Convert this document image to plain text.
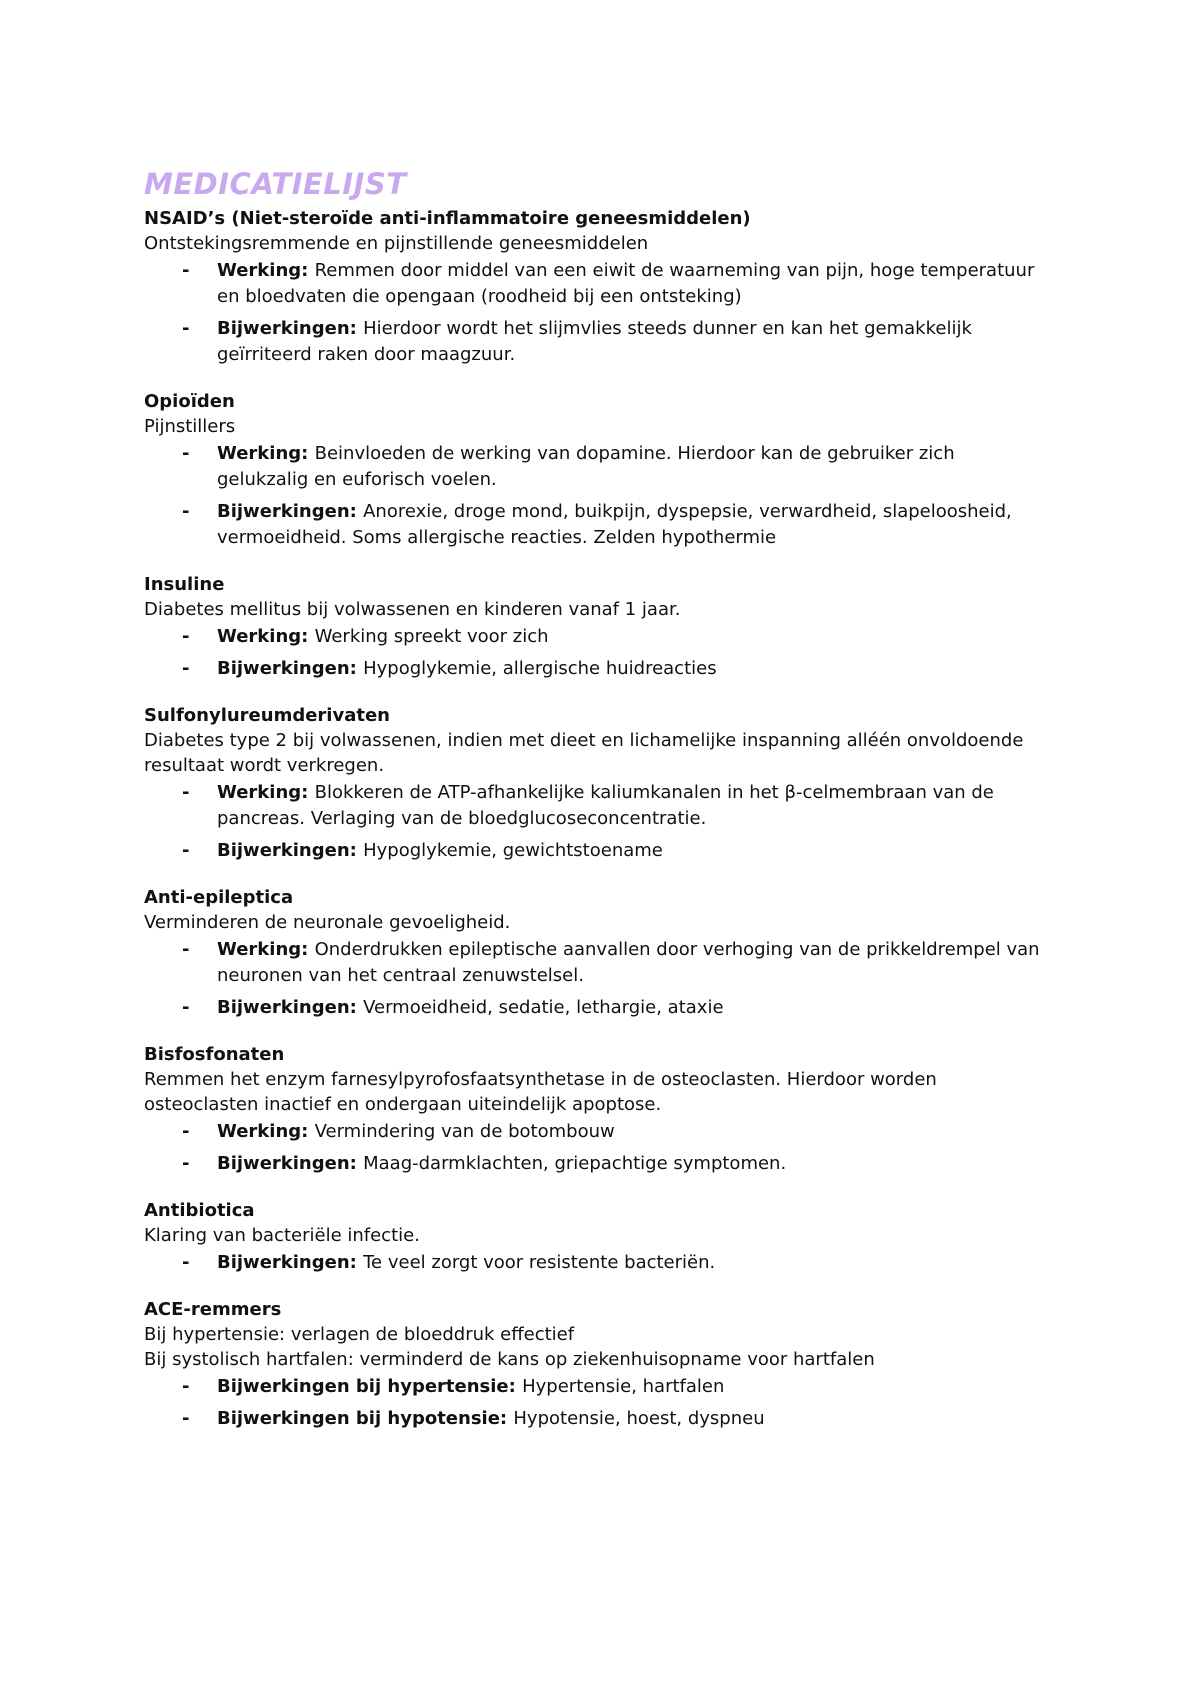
MEDICATIELIJST

NSAID’s (Niet-steroïde anti-inflammatoire geneesmiddelen)

Ontstekingsremmende en pijnstillende geneesmiddelen

- Werking: Remmen door middel van een eiwit de waarneming van pijn, hoge temperatuur en bloedvaten die opengaan (roodheid bij een ontsteking)
- Bijwerkingen: Hierdoor wordt het slijmvlies steeds dunner en kan het gemakkelijk geïrriteerd raken door maagzuur.

Opioïden

Pijnstillers

- Werking: Beinvloeden de werking van dopamine. Hierdoor kan de gebruiker zich gelukzalig en euforisch voelen.
- Bijwerkingen: Anorexie, droge mond, buikpijn, dyspepsie, verwardheid, slapeloosheid, vermoeidheid. Soms allergische reacties. Zelden hypothermie

Insuline

Diabetes mellitus bij volwassenen en kinderen vanaf 1 jaar.

- Werking: Werking spreekt voor zich
- Bijwerkingen: Hypoglykemie, allergische huidreacties

Sulfonylureumderivaten

Diabetes type 2 bij volwassenen, indien met dieet en lichamelijke inspanning alléén onvoldoende resultaat wordt verkregen.

- Werking: Blokkeren de ATP-afhankelijke kaliumkanalen in het β-celmembraan van de pancreas. Verlaging van de bloedglucoseconcentratie.
- Bijwerkingen: Hypoglykemie, gewichtstoename

Anti-epileptica

Verminderen de neuronale gevoeligheid.

- Werking: Onderdrukken epileptische aanvallen door verhoging van de prikkeldrempel van neuronen van het centraal zenuwstelsel.
- Bijwerkingen: Vermoeidheid, sedatie, lethargie, ataxie

Bisfosfonaten

Remmen het enzym farnesylpyrofosfaatsynthetase in de osteoclasten. Hierdoor worden osteoclasten inactief en ondergaan uiteindelijk apoptose.

- Werking: Vermindering van de botombouw
- Bijwerkingen: Maag-darmklachten, griepachtige symptomen.

Antibiotica

Klaring van bacteriële infectie.

- Bijwerkingen: Te veel zorgt voor resistente bacteriën.

ACE-remmers

Bij hypertensie: verlagen de bloeddruk effectief

Bij systolisch hartfalen: verminderd de kans op ziekenhuisopname voor hartfalen

- Bijwerkingen bij hypertensie: Hypertensie, hartfalen
- Bijwerkingen bij hypotensie: Hypotensie, hoest, dyspneu
